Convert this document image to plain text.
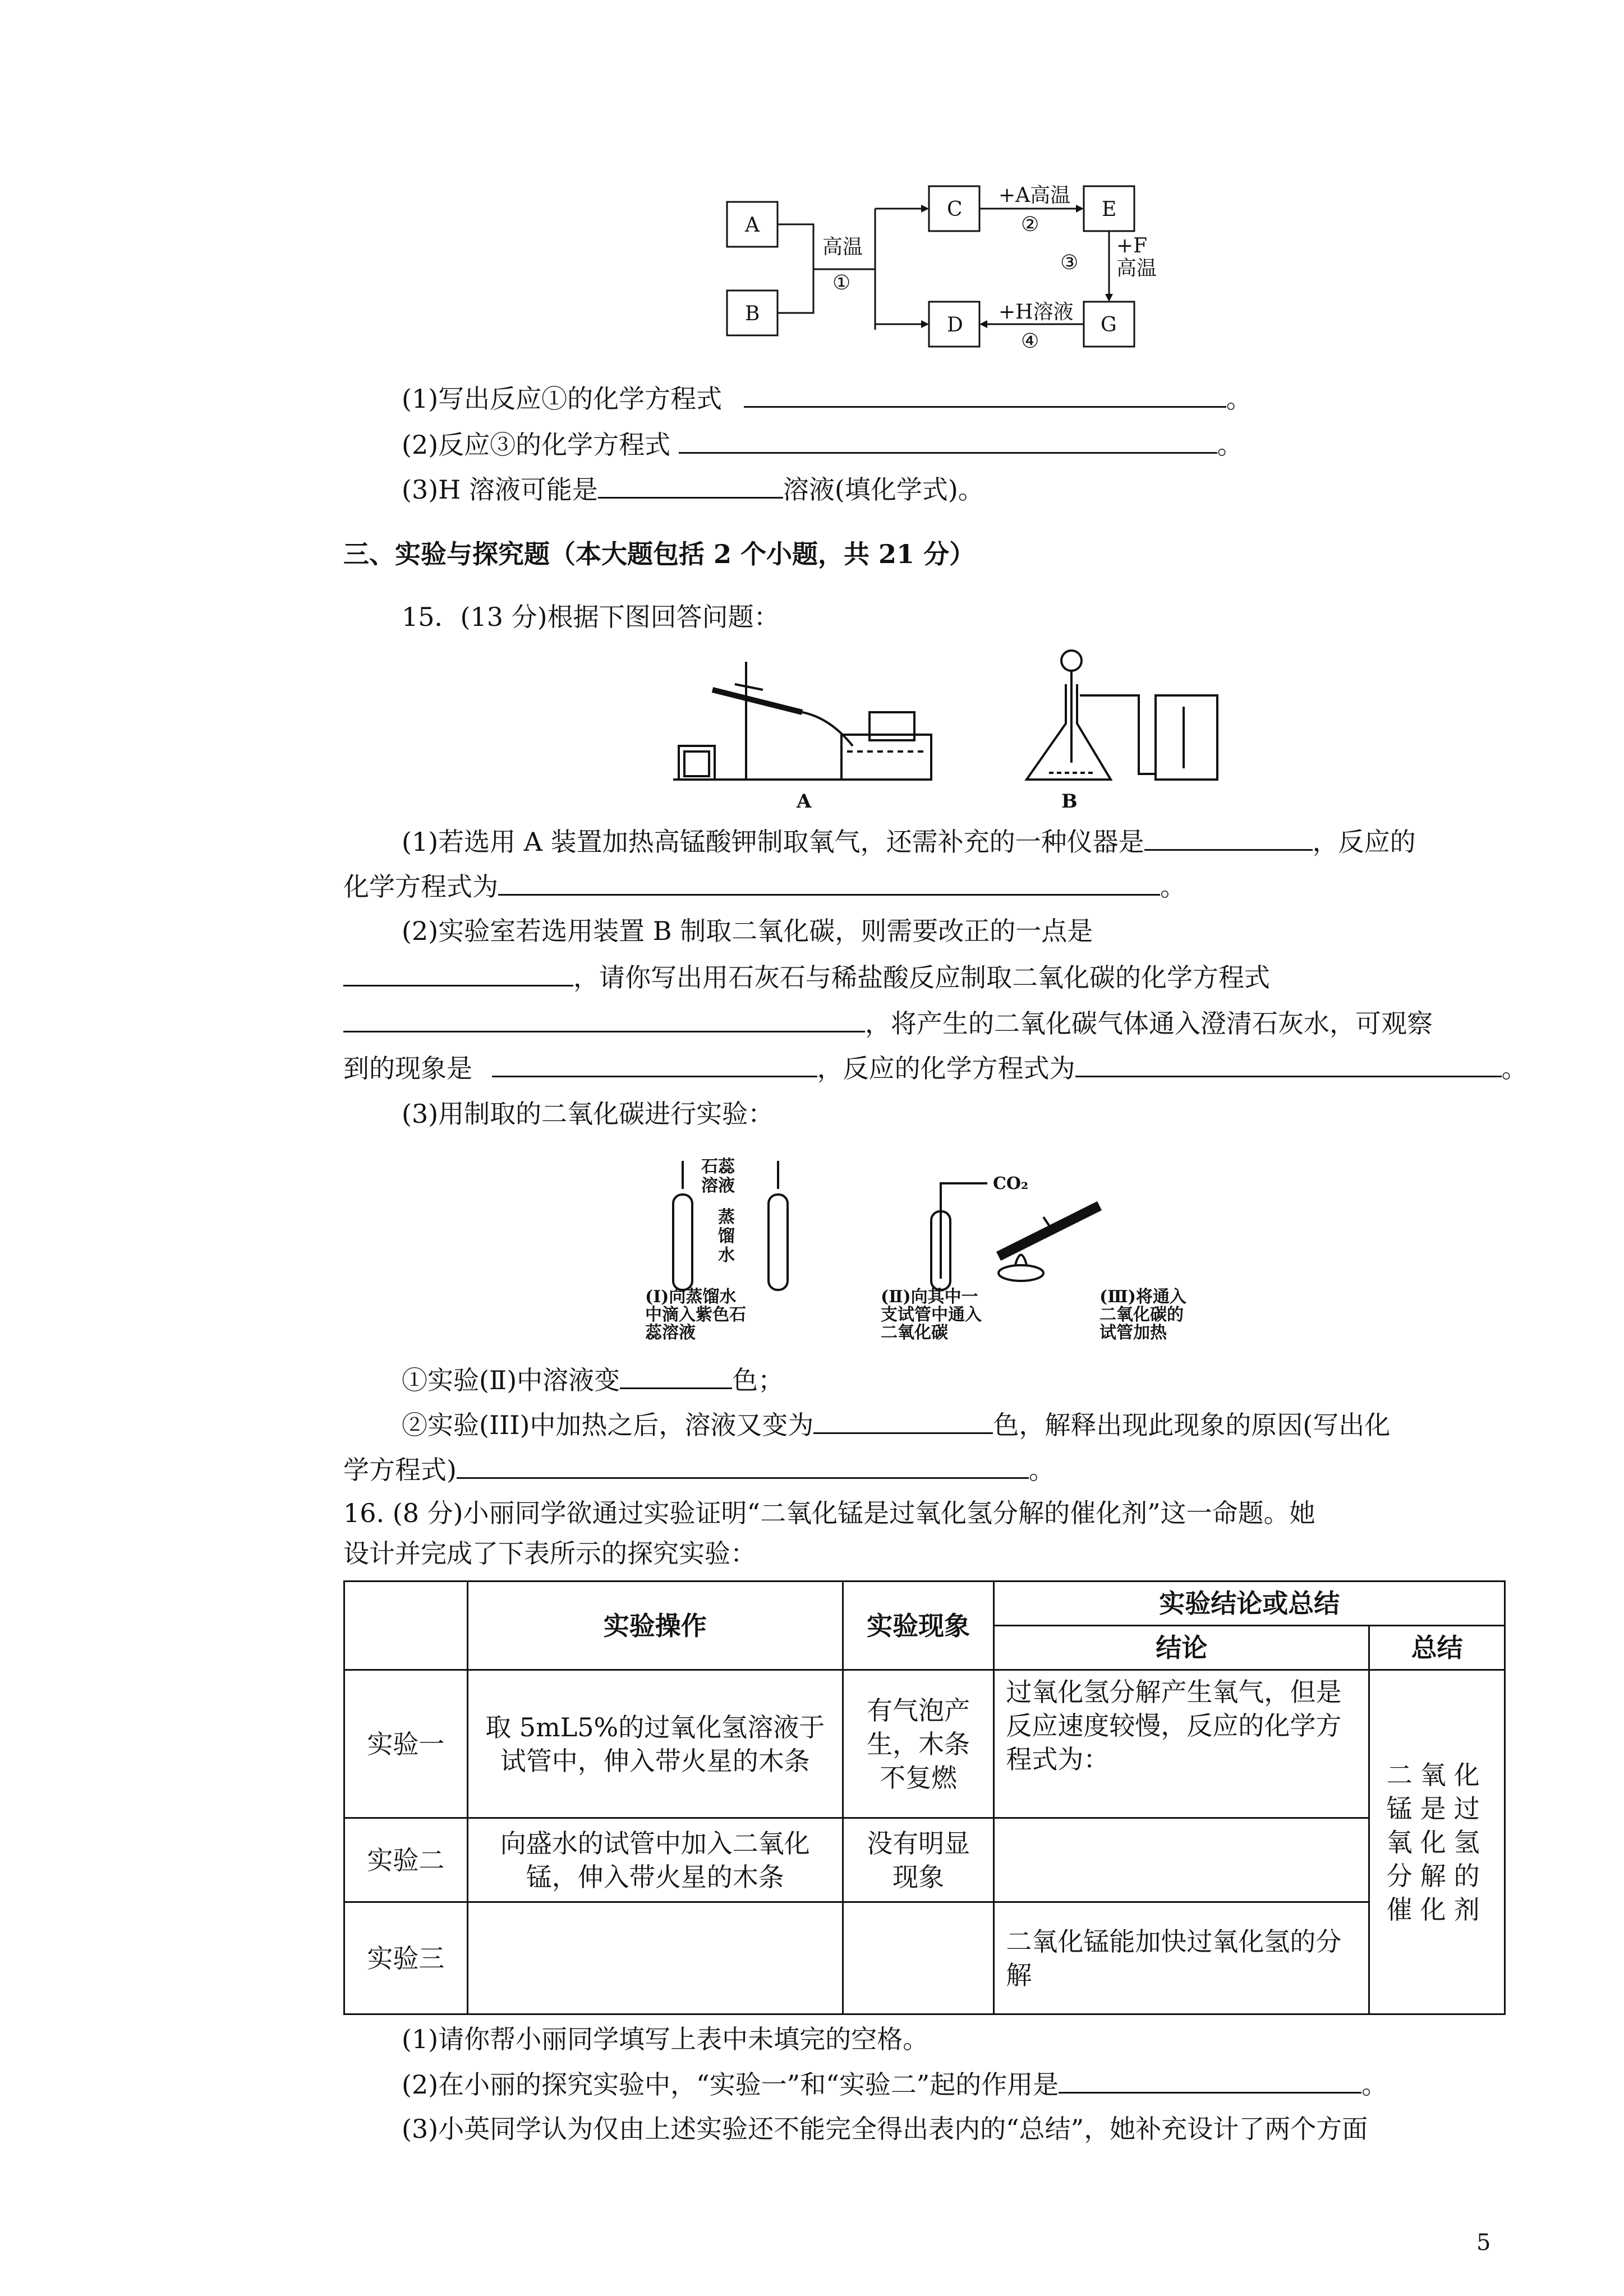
A
B
C
D
E
G
高温
①
+A高温
②
③
+F
高温
+H溶液
④
(1)写出反应①的化学方程式	。
(2)反应③的化学方程式	。
(3)H 溶液可能是	溶液(填化学式)。
三、实验与探究题（本大题包括 2 个小题，共 21 分）
15．(13 分)根据下图回答问题：
A	B
(1)若选用 A 装置加热高锰酸钾制取氧气，还需补充的一种仪器是	，反应的
化学方程式为	。
(2)实验室若选用装置 B 制取二氧化碳，则需要改正的一点是
，请你写出用石灰石与稀盐酸反应制取二氧化碳的化学方程式
，将产生的二氧化碳气体通入澄清石灰水，可观察
到的现象是	，反应的化学方程式为	。
(3)用制取的二氧化碳进行实验：
石蕊
溶液
蒸
馏
水
CO₂
(Ⅰ)向蒸馏水
中滴入紫色石
蕊溶液
(Ⅱ)向其中一
支试管中通入
二氧化碳
(Ⅲ)将通入
二氧化碳的
试管加热
①实验(Ⅱ)中溶液变	色；
②实验(III)中加热之后，溶液又变为	色，解释出现此现象的原因(写出化
学方程式)	。
16. (8 分)小丽同学欲通过实验证明“二氧化锰是过氧化氢分解的催化剂”这一命题。她
设计并完成了下表所示的探究实验：
	实验操作	实验现象	实验结论或总结	
			结论	总结
实验一	取 5mL5%的过氧化氢溶液于试管中，伸入带火星的木条	有气泡产生，木条不复燃	过氧化氢分解产生氧气，但是反应速度较慢，反应的化学方程式为：	二氧化锰是过氧化氢分解的催化剂
实验二	向盛水的试管中加入二氧化锰，伸入带火星的木条	没有明显现象		
实验三			二氧化锰能加快过氧化氢的分解	
(1)请你帮小丽同学填写上表中未填完的空格。
(2)在小丽的探究实验中，“实验一”和“实验二”起的作用是	。
(3)小英同学认为仅由上述实验还不能完全得出表内的“总结”，她补充设计了两个方面
5
